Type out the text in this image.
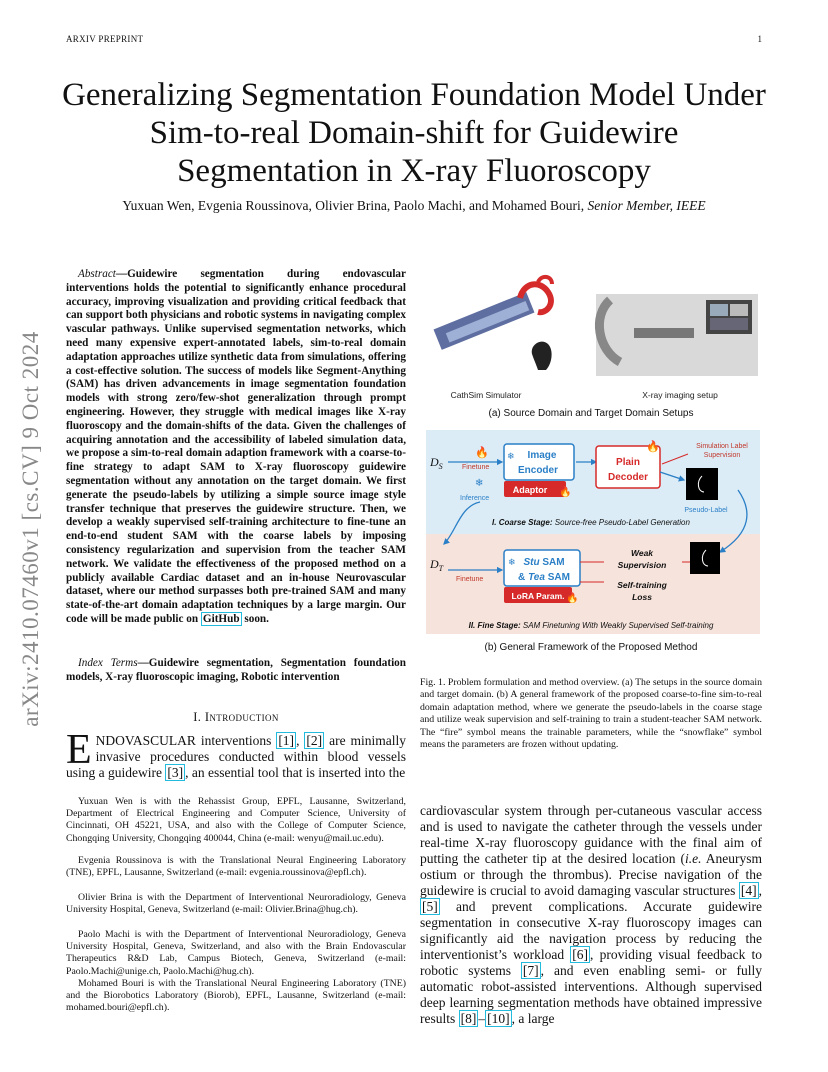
ARXIV PREPRINT	1
arXiv:2410.07460v1 [cs.CV] 9 Oct 2024
Generalizing Segmentation Foundation Model Under Sim-to-real Domain-shift for Guidewire Segmentation in X-ray Fluoroscopy
Yuxuan Wen, Evgenia Roussinova, Olivier Brina, Paolo Machi, and Mohamed Bouri, Senior Member, IEEE
Abstract—Guidewire segmentation during endovascular interventions holds the potential to significantly enhance procedural accuracy, improving visualization and providing critical feedback that can support both physicians and robotic systems in navigating complex vascular pathways. Unlike supervised segmentation networks, which need many expensive expert-annotated labels, sim-to-real domain adaptation approaches utilize synthetic data from simulations, offering a cost-effective solution. The success of models like Segment-Anything (SAM) has driven advancements in image segmentation foundation models with strong zero/few-shot generalization through prompt engineering. However, they struggle with medical images like X-ray fluoroscopy and the domain-shifts of the data. Given the challenges of acquiring annotation and the accessibility of labeled simulation data, we propose a sim-to-real domain adaption framework with a coarse-to-fine strategy to adapt SAM to X-ray fluoroscopy guidewire segmentation without any annotation on the target domain. We first generate the pseudo-labels by utilizing a simple source image style transfer technique that preserves the guidewire structure. Then, we develop a weakly supervised self-training architecture to fine-tune an end-to-end student SAM with the coarse labels by imposing consistency regularization and supervision from the teacher SAM network. We validate the effectiveness of the proposed method on a publicly available Cardiac dataset and an in-house Neurovascular dataset, where our method surpasses both pre-trained SAM and many state-of-the-art domain adaptation techniques by a large margin. Our code will be made public on GitHub soon.
Index Terms—Guidewire segmentation, Segmentation foundation models, X-ray fluoroscopic imaging, Robotic intervention
I. Introduction
ENDOVASCULAR interventions [1] , [2] are minimally invasive procedures conducted within blood vessels using a guidewire [3] , an essential tool that is inserted into the
Yuxuan Wen is with the Rehassist Group, EPFL, Lausanne, Switzerland, Department of Electrical Engineering and Computer Science, University of Cincinnati, OH 45221, USA, and also with the College of Computer Science, Chongqing University, Chongqing 400044, China (e-mail: wenyu@mail.uc.edu).
Evgenia Roussinova is with the Translational Neural Engineering Laboratory (TNE), EPFL, Lausanne, Switzerland (e-mail: evgenia.roussinova@epfl.ch).
Olivier Brina is with the Department of Interventional Neuroradiology, Geneva University Hospital, Geneva, Switzerland (e-mail: Olivier.Brina@hug.ch).
Paolo Machi is with the Department of Interventional Neuroradiology, Geneva University Hospital, Geneva, Switzerland, and also with the Brain Endovascular Therapeutics R&D Lab, Campus Biotech, Geneva, Switzerland (e-mail: Paolo.Machi@unige.ch, Paolo.Machi@hug.ch).
Mohamed Bouri is with the Translational Neural Engineering Laboratory (TNE) and the Biorobotics Laboratory (Biorob), EPFL, Lausanne, Switzerland (e-mail: mohamed.bouri@epfl.ch).
CathSim Simulator	X-ray imaging setup
(a) Source Domain and Target Domain Setups
$D_S$	Finetune
Inference
🔥
❄
❄ Image
Encoder
Adaptor 🔥
Plain
Decoder
🔥	Simulation Label
Supervision
Pseudo-Label
I. Coarse Stage: Source-free Pseudo-Label Generation
$D_T$
Finetune
❄ Stu SAM
& Tea SAM
LoRA Param. 🔥
Weak
Supervision
Self-training
Loss
II. Fine Stage: SAM Finetuning With Weakly Supervised Self-training
(b) General Framework of the Proposed Method
Fig. 1. Problem formulation and method overview. (a) The setups in the source domain and target domain. (b) A general framework of the proposed coarse-to-fine sim-to-real domain adaptation method, where we generate the pseudo-labels in the coarse stage and utilize weak supervision and self-training to train a student-teacher SAM network. The “fire” symbol means the trainable parameters, while the “snowflake” symbol means the parameters are frozen without updating.
cardiovascular system through per-cutaneous vascular access and is used to navigate the catheter through the vessels under real-time X-ray fluoroscopy guidance with the final aim of putting the catheter tip at the desired location (i.e. Aneurysm ostium or through the thrombus). Precise navigation of the guidewire is crucial to avoid damaging vascular structures [4] , [5] and prevent complications. Accurate guidewire segmentation in consecutive X-ray fluoroscopy images can significantly aid the navigation process by reducing the interventionist’s workload [6] , providing visual feedback to robotic systems [7] , and even enabling semi- or fully automatic robot-assisted interventions. Although supervised deep learning segmentation methods have obtained impressive results [8] – [10] , a large
